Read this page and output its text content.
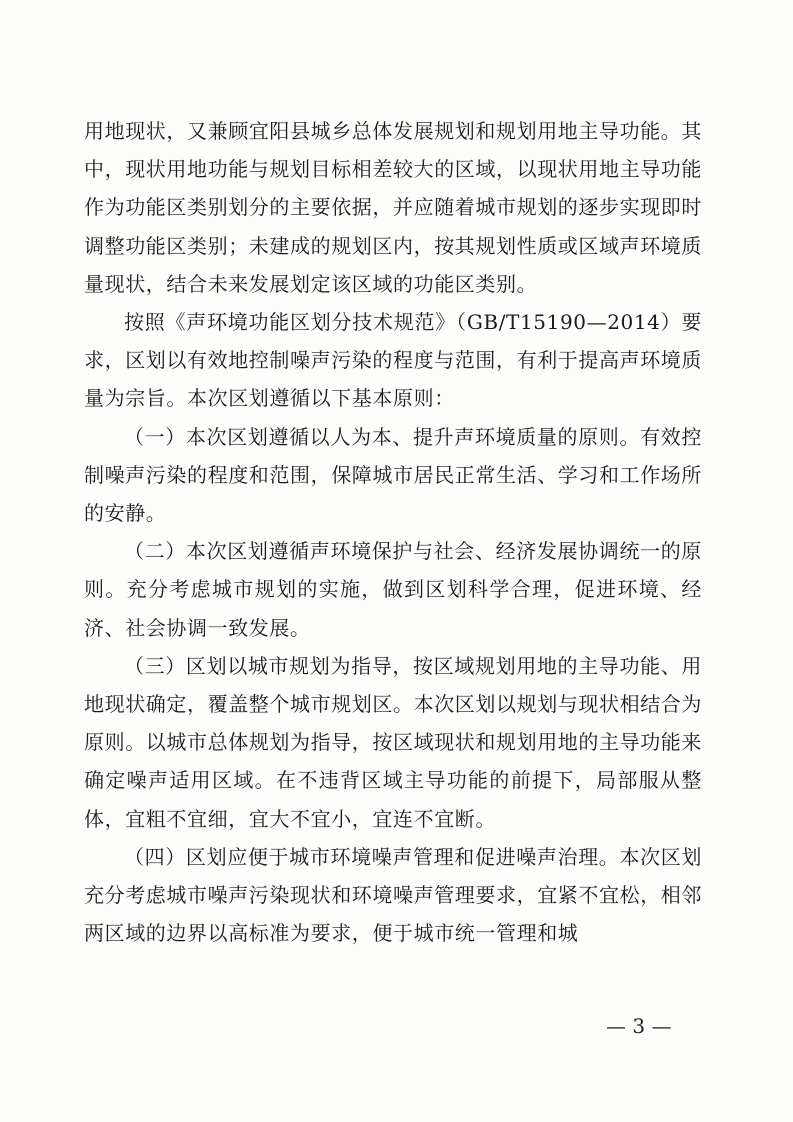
用地现状，又兼顾宜阳县城乡总体发展规划和规划用地主导功能。其中，现状用地功能与规划目标相差较大的区域，以现状用地主导功能作为功能区类别划分的主要依据，并应随着城市规划的逐步实现即时调整功能区类别；未建成的规划区内，按其规划性质或区域声环境质量现状，结合未来发展划定该区域的功能区类别。

按照《声环境功能区划分技术规范》（GB/T15190—2014）要求，区划以有效地控制噪声污染的程度与范围，有利于提高声环境质量为宗旨。本次区划遵循以下基本原则：

（一）本次区划遵循以人为本、提升声环境质量的原则。有效控制噪声污染的程度和范围，保障城市居民正常生活、学习和工作场所的安静。

（二）本次区划遵循声环境保护与社会、经济发展协调统一的原则。充分考虑城市规划的实施，做到区划科学合理，促进环境、经济、社会协调一致发展。

（三）区划以城市规划为指导，按区域规划用地的主导功能、用地现状确定，覆盖整个城市规划区。本次区划以规划与现状相结合为原则。以城市总体规划为指导，按区域现状和规划用地的主导功能来确定噪声适用区域。在不违背区域主导功能的前提下，局部服从整体，宜粗不宜细，宜大不宜小，宜连不宜断。

（四）区划应便于城市环境噪声管理和促进噪声治理。本次区划充分考虑城市噪声污染现状和环境噪声管理要求，宜紧不宜松，相邻两区域的边界以高标准为要求，便于城市统一管理和城

— 3 —
